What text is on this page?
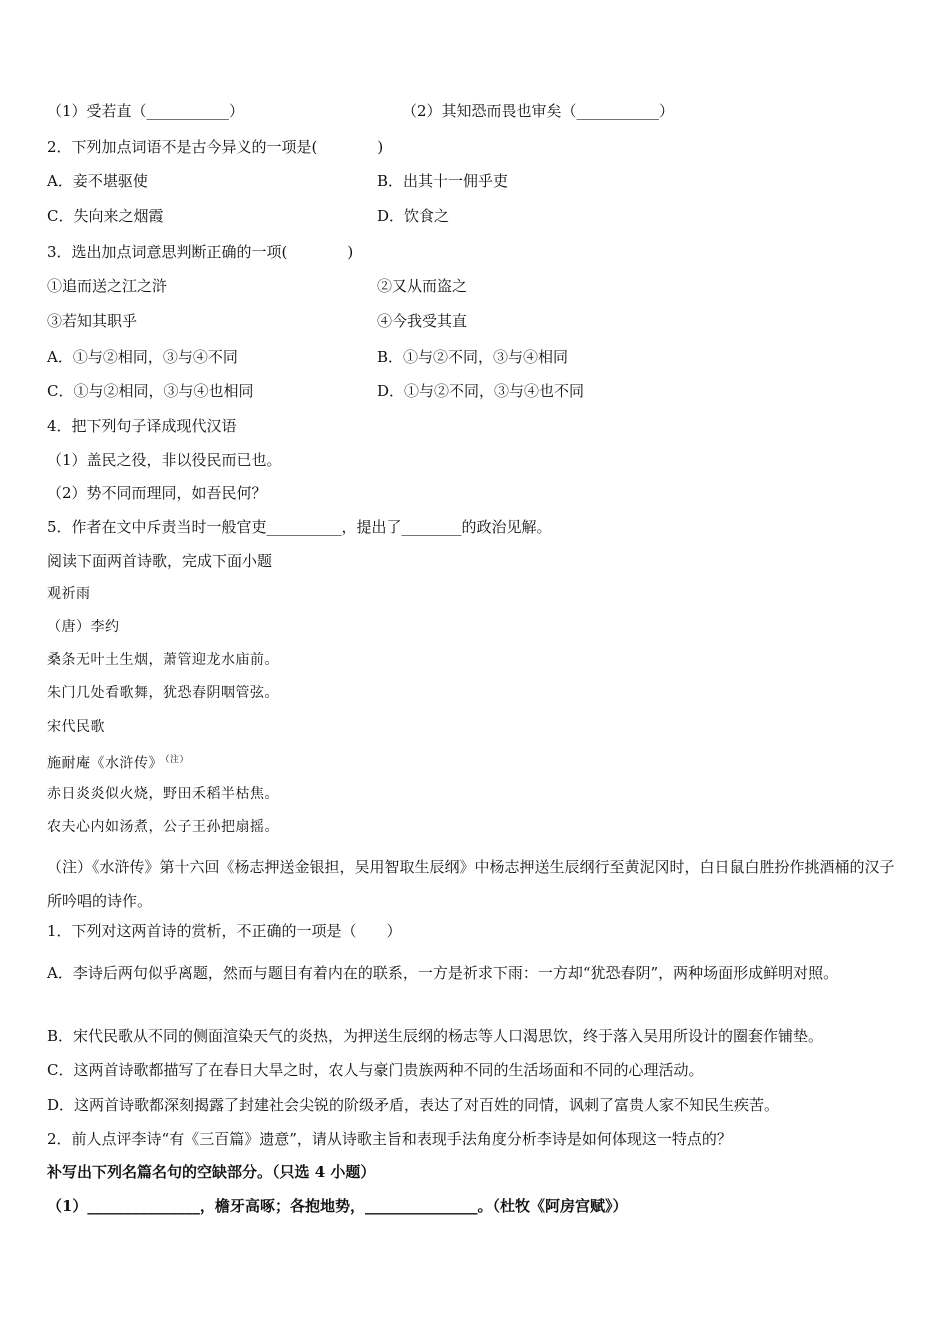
（1）受若直（___________）	（2）其知恐而畏也审矣（___________）
2．下列加点词语不是古今异义的一项是(　　　　)
A．妾不堪驱使	B．出其十一佣乎吏
C．失向来之烟霞	D．饮食之
3．选出加点词意思判断正确的一项(　　　　)
①追而送之江之浒	②又从而盗之
③若知其职乎	④今我受其直
A．①与②相同，③与④不同	B．①与②不同，③与④相同
C．①与②相同，③与④也相同	D．①与②不同，③与④也不同
4．把下列句子译成现代汉语
（1）盖民之役，非以役民而已也。
（2）势不同而理同，如吾民何？
5．作者在文中斥责当时一般官吏__________，提出了________的政治见解。
阅读下面两首诗歌，完成下面小题
观祈雨
（唐）李约
桑条无叶土生烟，萧管迎龙水庙前。
朱门几处看歌舞，犹恐春阴咽管弦。
宋代民歌
施耐庵《水浒传》 $^{(注)}$
赤日炎炎似火烧，野田禾稻半枯焦。
农夫心内如汤煮，公子王孙把扇摇。
（注）《水浒传》第十六回《杨志押送金银担，吴用智取生辰纲》中杨志押送生辰纲行至黄泥冈时，白日鼠白胜扮作挑酒桶的汉子所吟唱的诗作。
1．下列对这两首诗的赏析，不正确的一项是（　　）
A．李诗后两句似乎离题，然而与题目有着内在的联系，一方是祈求下雨：一方却“犹恐春阴”，两种场面形成鲜明对照。
B．宋代民歌从不同的侧面渲染天气的炎热，为押送生辰纲的杨志等人口渴思饮，终于落入吴用所设计的圈套作铺垫。
C．这两首诗歌都描写了在春日大旱之时，农人与豪门贵族两种不同的生活场面和不同的心理活动。
D．这两首诗歌都深刻揭露了封建社会尖锐的阶级矛盾，表达了对百姓的同情，讽刺了富贵人家不知民生疾苦。
2．前人点评李诗“有《三百篇》遗意”，请从诗歌主旨和表现手法角度分析李诗是如何体现这一特点的？
补写出下列名篇名句的空缺部分。（只选 4 小题）
（1）_______________，檐牙高啄；各抱地势，_______________。（杜牧《阿房宫赋》）
